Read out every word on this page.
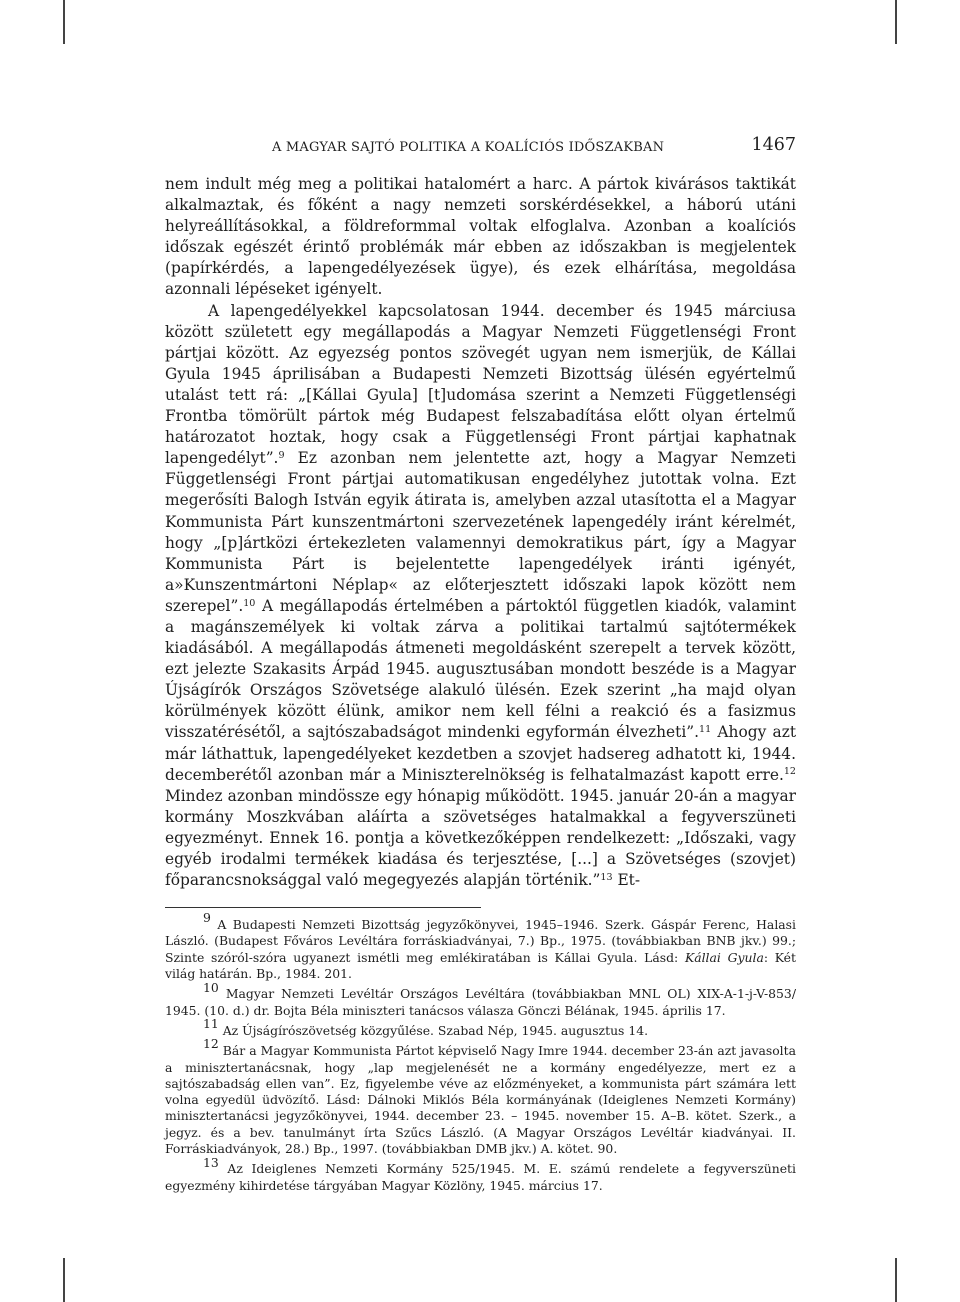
A MAGYAR SAJTÓ POLITIKA A KOALÍCIÓS IDŐSZAKBAN	1467

nem indult még meg a politikai hatalomért a harc. A pártok kivárásos taktikát alkalmaztak, és főként a nagy nemzeti sorskérdésekkel, a háború utáni helyreállításokkal, a földreformmal voltak elfoglalva. Azonban a koalíciós időszak egészét érintő problémák már ebben az időszakban is megjelentek (papírkérdés, a lapengedélyezések ügye), és ezek elhárítása, megoldása azonnali lépéseket igényelt.

A lapengedélyekkel kapcsolatosan 1944. december és 1945 márciusa között született egy megállapodás a Magyar Nemzeti Függetlenségi Front pártjai között. Az egyezség pontos szövegét ugyan nem ismerjük, de Kállai Gyula 1945 áprilisában a Budapesti Nemzeti Bizottság ülésén egyértelmű utalást tett rá: „[Kállai Gyula] [t]udomása szerint a Nemzeti Függetlenségi Frontba tömörült pártok még Budapest felszabadítása előtt olyan értelmű határozatot hoztak, hogy csak a Függetlenségi Front pártjai kaphatnak lapengedélyt”.$^9$ Ez azonban nem jelentette azt, hogy a Magyar Nemzeti Függetlenségi Front pártjai automatikusan engedélyhez jutottak volna. Ezt megerősíti Balogh István egyik átirata is, amelyben azzal utasította el a Magyar Kommunista Párt kunszentmártoni szervezetének lapengedély iránt kérelmét, hogy „[p]ártközi értekezleten valamennyi demokratikus párt, így a Magyar Kommunista Párt is bejelentette lapengedélyek iránti igényét, a»Kunszentmártoni Néplap« az előterjesztett időszaki lapok között nem szerepel”.$^{10}$ A megállapodás értelmében a pártoktól független kiadók, valamint a magánszemélyek ki voltak zárva a politikai tartalmú sajtótermékek kiadásából. A megállapodás átmeneti megoldásként szerepelt a tervek között, ezt jelezte Szakasits Árpád 1945. augusztusában mondott beszéde is a Magyar Újságírók Országos Szövetsége alakuló ülésén. Ezek szerint „ha majd olyan körülmények között élünk, amikor nem kell félni a reakció és a fasizmus visszatérésétől, a sajtószabadságot mindenki egyformán élvezheti”.$^{11}$ Ahogy azt már láthattuk, lapengedélyeket kezdetben a szovjet hadsereg adhatott ki, 1944. decemberétől azonban már a Miniszterelnökség is felhatalmazást kapott erre.$^{12}$ Mindez azonban mindössze egy hónapig működött. 1945. január 20-án a magyar kormány Moszkvában aláírta a szövetséges hatalmakkal a fegyverszüneti egyezményt. Ennek 16. pontja a következőképpen rendelkezett: „Időszaki, vagy egyéb irodalmi termékek kiadása és terjesztése, [...] a Szövetséges (szovjet) főparancsnoksággal való megegyezés alapján történik.”$^{13}$ Et-

$^9$ A Budapesti Nemzeti Bizottság jegyzőkönyvei, 1945–1946. Szerk. Gáspár Ferenc, Halasi László. (Budapest Főváros Levéltára forráskiadványai, 7.) Bp., 1975. (továbbiakban BNB jkv.) 99.; Szinte szóról-szóra ugyanezt ismétli meg emlékiratában is Kállai Gyula. Lásd: Kállai Gyula: Két világ határán. Bp., 1984. 201.

$^{10}$ Magyar Nemzeti Levéltár Országos Levéltára (továbbiakban MNL OL) XIX-A-1-j-V-853/ 1945. (10. d.) dr. Bojta Béla miniszteri tanácsos válasza Gönczi Bélának, 1945. április 17.

$^{11}$ Az Újságírószövetség közgyűlése. Szabad Nép, 1945. augusztus 14.

$^{12}$ Bár a Magyar Kommunista Pártot képviselő Nagy Imre 1944. december 23-án azt javasolta a minisztertanácsnak, hogy „lap megjelenését ne a kormány engedélyezze, mert ez a sajtószabadság ellen van”. Ez, figyelembe véve az előzményeket, a kommunista párt számára lett volna egyedül üdvözítő. Lásd: Dálnoki Miklós Béla kormányának (Ideiglenes Nemzeti Kormány) minisztertanácsi jegyzőkönyvei, 1944. december 23. – 1945. november 15. A–B. kötet. Szerk., a jegyz. és a bev. tanulmányt írta Szűcs László. (A Magyar Országos Levéltár kiadványai. II. Forráskiadványok, 28.) Bp., 1997. (továbbiakban DMB jkv.) A. kötet. 90.

$^{13}$ Az Ideiglenes Nemzeti Kormány 525/1945. M. E. számú rendelete a fegyverszüneti egyezmény kihirdetése tárgyában Magyar Közlöny, 1945. március 17.
